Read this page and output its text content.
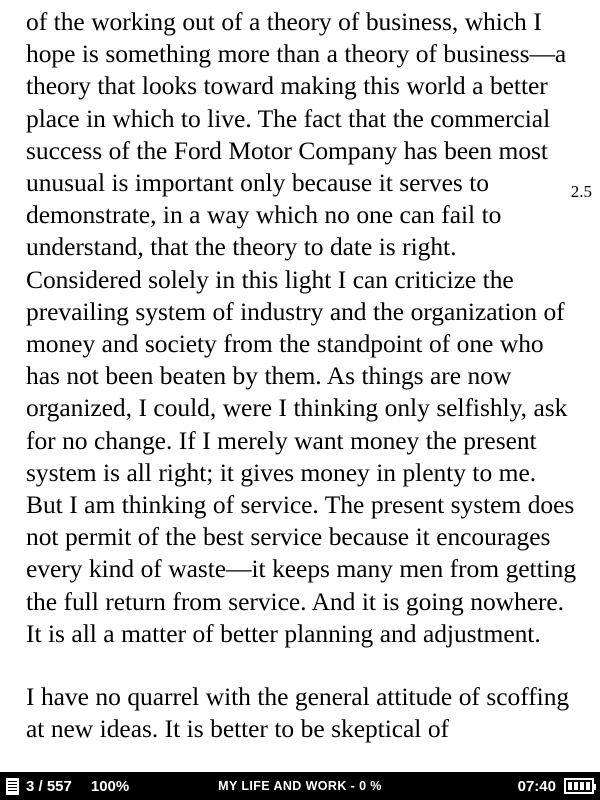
of the working out of a theory of business, which I hope is something more than a theory of business—a theory that looks toward making this world a better place in which to live. The fact that the commercial success of the Ford Motor Company has been most unusual is important only because it serves to demonstrate, in a way which no one can fail to understand, that the theory to date is right. Considered solely in this light I can criticize the prevailing system of industry and the organization of money and society from the standpoint of one who has not been beaten by them. As things are now organized, I could, were I thinking only selfishly, ask for no change. If I merely want money the present system is all right; it gives money in plenty to me. But I am thinking of service. The present system does not permit of the best service because it encourages every kind of waste—it keeps many men from getting the full return from service. And it is going nowhere. It is all a matter of better planning and adjustment.

I have no quarrel with the general attitude of scoffing at new ideas. It is better to be skeptical of

2.5
3 / 557 100%	MY LIFE AND WORK - 0 %	07:40
